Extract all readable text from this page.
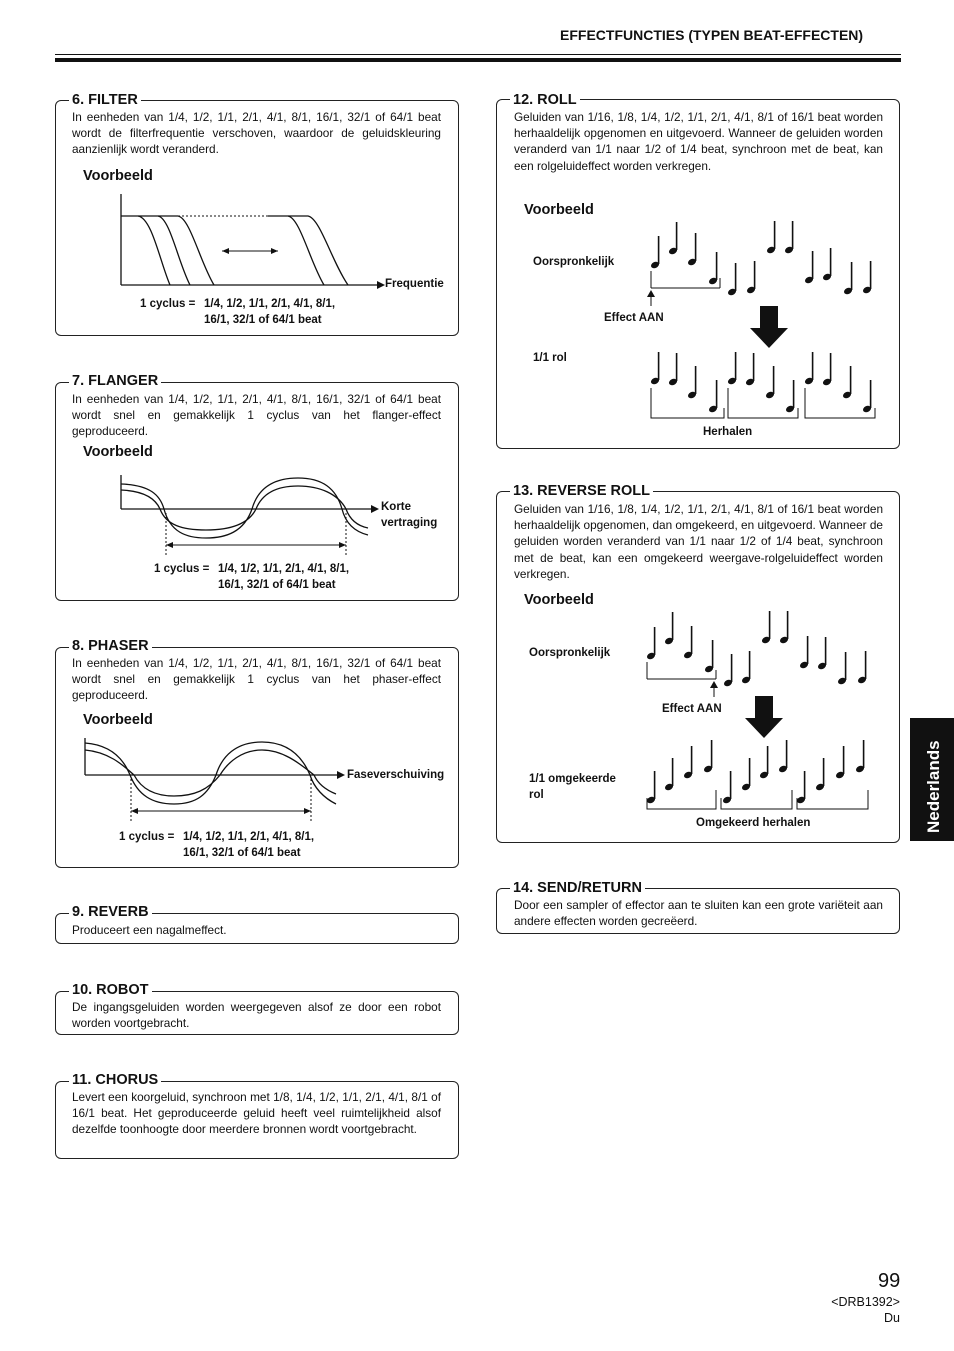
EFFECTFUNCTIES (TYPEN BEAT-EFFECTEN)
6. FILTER
In eenheden van 1/4, 1/2, 1/1, 2/1, 4/1, 8/1, 16/1, 32/1 of 64/1 beat wordt de filterfrequentie verschoven, waardoor de geluidskleuring aanzienlijk wordt veranderd.
Voorbeeld
Frequentie
1 cyclus = 1/4, 1/2, 1/1, 2/1, 4/1, 8/1,
16/1, 32/1 of 64/1 beat
7. FLANGER
In eenheden van 1/4, 1/2, 1/1, 2/1, 4/1, 8/1, 16/1, 32/1 of 64/1 beat wordt snel en gemakkelijk 1 cyclus van het flanger-effect geproduceerd.
Voorbeeld
Korte
vertraging
1 cyclus = 1/4, 1/2, 1/1, 2/1, 4/1, 8/1,
16/1, 32/1 of 64/1 beat
8. PHASER
In eenheden van 1/4, 1/2, 1/1, 2/1, 4/1, 8/1, 16/1, 32/1 of 64/1 beat wordt snel en gemakkelijk 1 cyclus van het phaser-effect geproduceerd.
Voorbeeld
Faseverschuiving
1 cyclus = 1/4, 1/2, 1/1, 2/1, 4/1, 8/1,
16/1, 32/1 of 64/1 beat
9. REVERB
Produceert een nagalmeffect.
10. ROBOT
De ingangsgeluiden worden weergegeven alsof ze door een robot worden voortgebracht.
11. CHORUS
Levert een koorgeluid, synchroon met 1/8, 1/4, 1/2, 1/1, 2/1, 4/1, 8/1 of 16/1 beat. Het geproduceerde geluid heeft veel ruimtelijkheid alsof dezelfde toonhoogte door meerdere bronnen wordt voortgebracht.
12. ROLL
Geluiden van 1/16, 1/8, 1/4, 1/2, 1/1, 2/1, 4/1, 8/1 of 16/1 beat worden herhaaldelijk opgenomen en uitgevoerd. Wanneer de geluiden worden veranderd van 1/1 naar 1/2 of 1/4 beat, synchroon met de beat, kan een rolgeluideffect worden verkregen.
Voorbeeld
Oorspronkelijk
Effect AAN
1/1 rol
Herhalen
13. REVERSE ROLL
Geluiden van 1/16, 1/8, 1/4, 1/2, 1/1, 2/1, 4/1, 8/1 of 16/1 beat worden herhaaldelijk opgenomen, dan omgekeerd, en uitgevoerd. Wanneer de geluiden worden veranderd van 1/1 naar 1/2 of 1/4 beat, synchroon met de beat, kan een omgekeerd weergave-rolgeluideffect worden verkregen.
Voorbeeld
Oorspronkelijk
Effect AAN
1/1 omgekeerde
rol
Omgekeerd herhalen
14. SEND/RETURN
Door een sampler of effector aan te sluiten kan een grote variëteit aan andere effecten worden gecreëerd.
Nederlands
99
<DRB1392>
Du
